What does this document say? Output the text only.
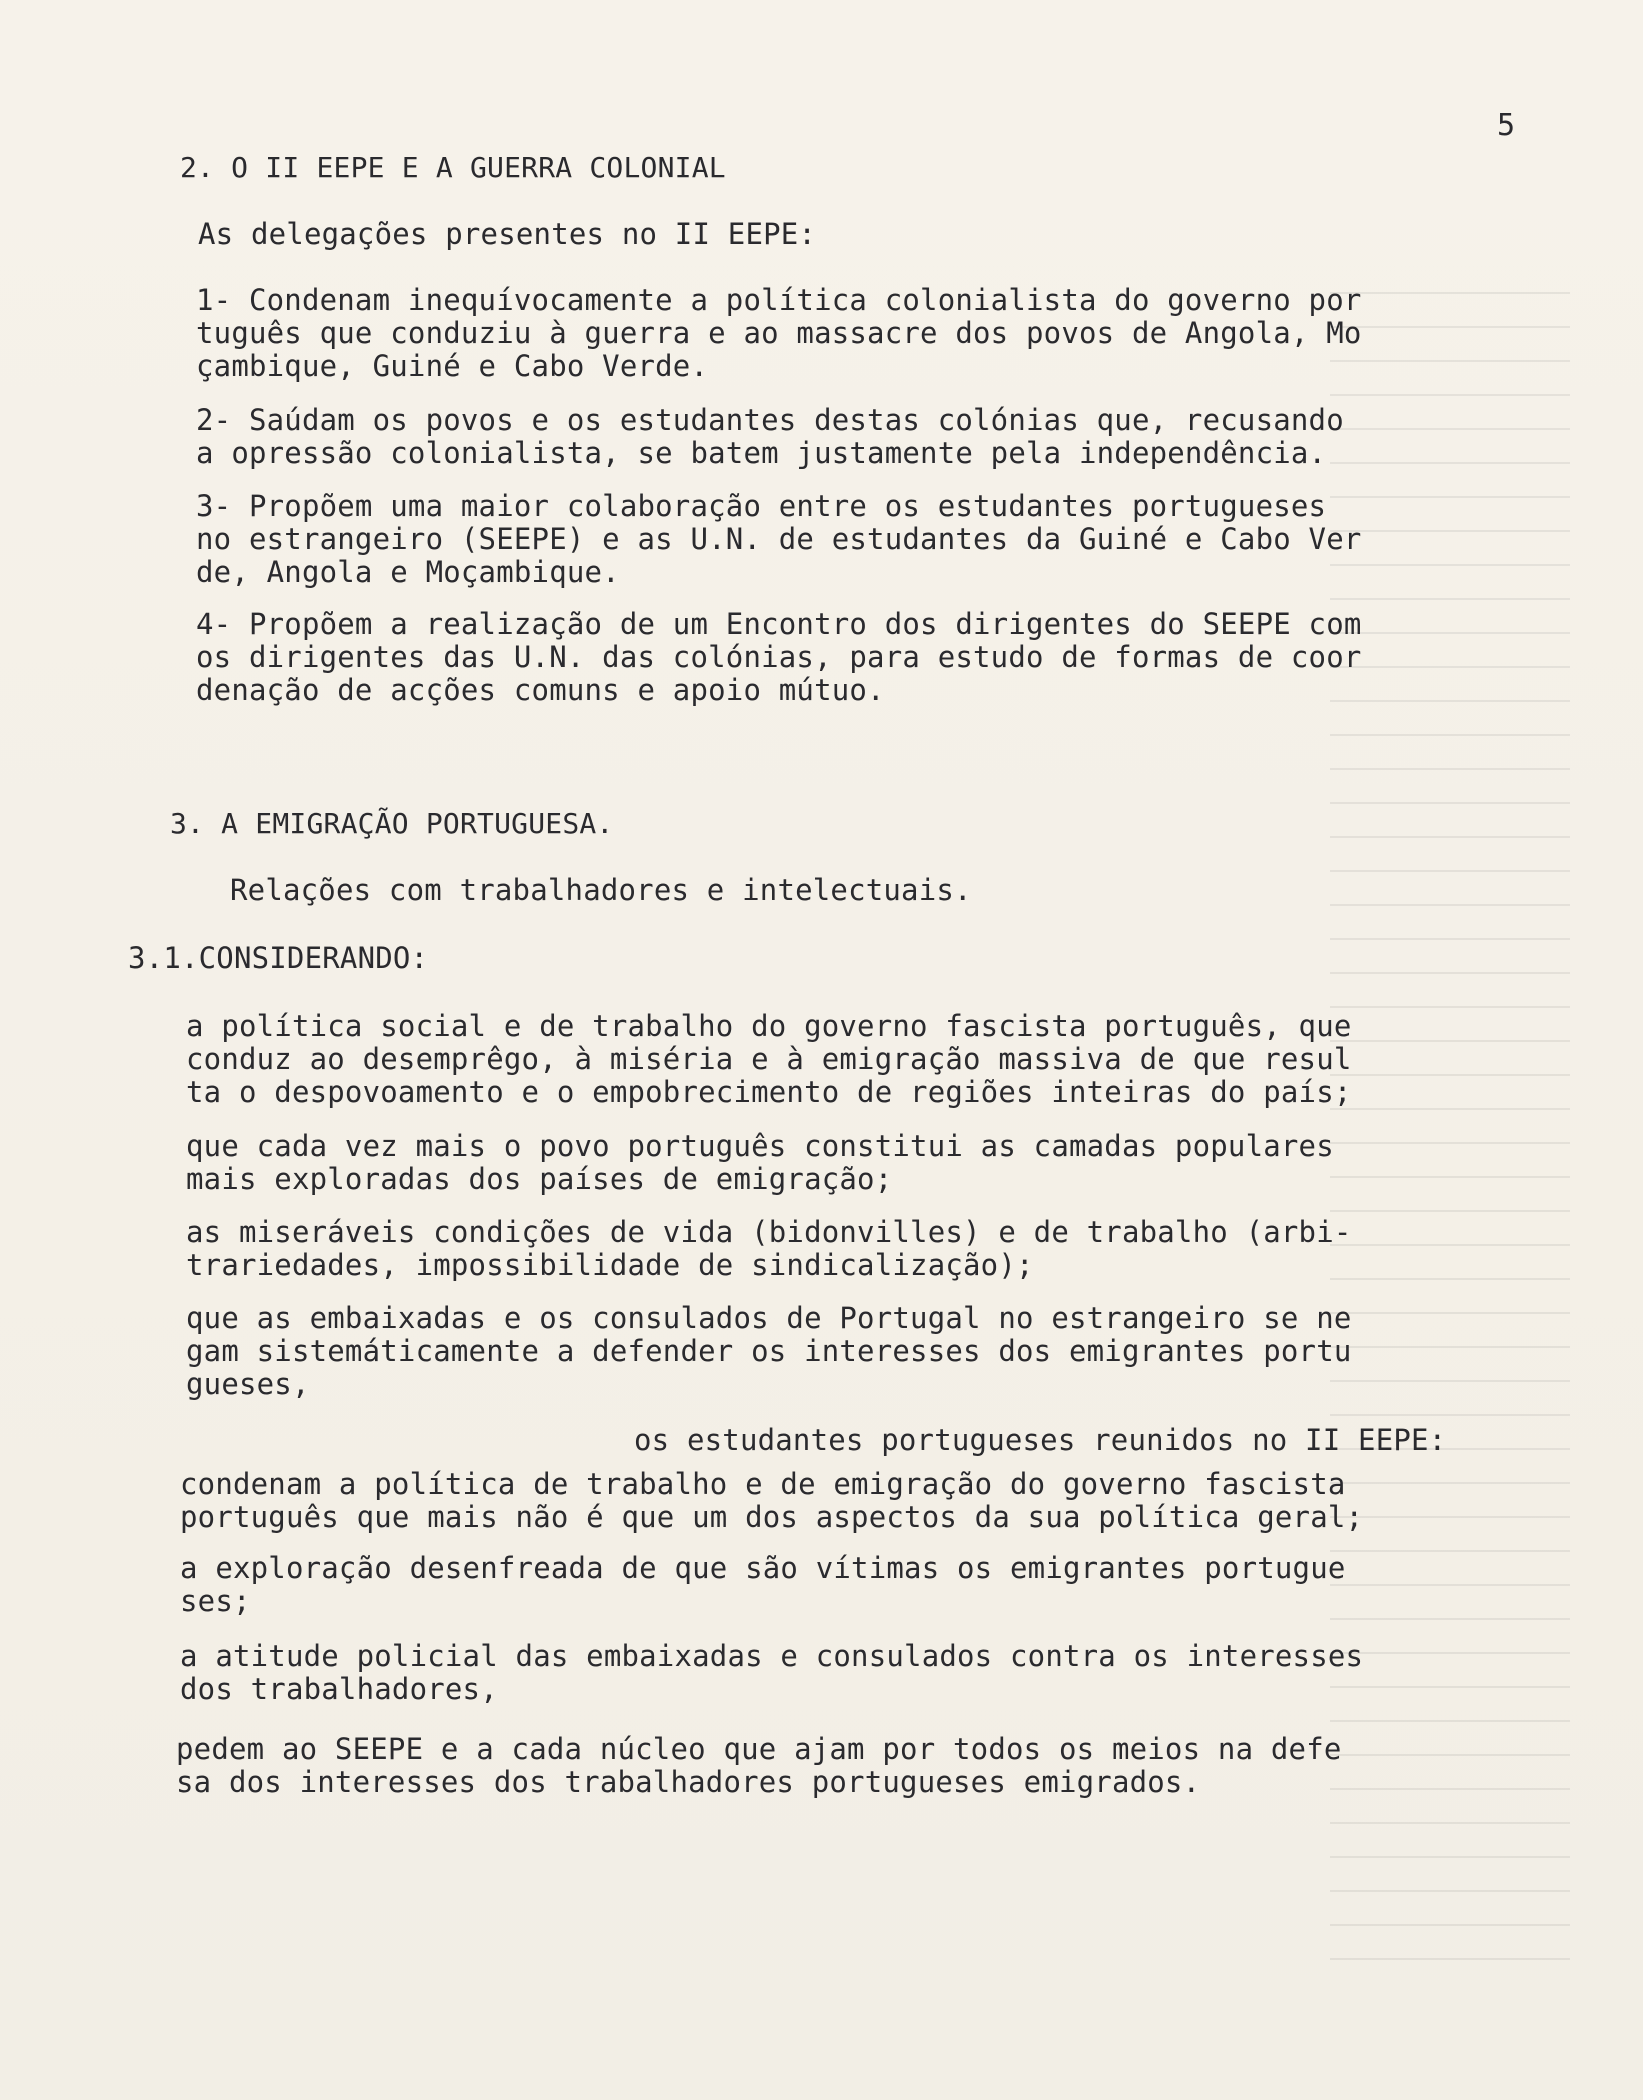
5
2. O II EEPE E A GUERRA COLONIAL
As delegações presentes no II EEPE:
1- Condenam inequívocamente a política colonialista do governo por
tuguês que conduziu à guerra e ao massacre dos povos de Angola, Mo
çambique, Guiné e Cabo Verde.
2- Saúdam os povos e os estudantes destas colónias que, recusando
a opressão colonialista, se batem justamente pela independência.
3- Propõem uma maior colaboração entre os estudantes portugueses
no estrangeiro (SEEPE) e as U.N. de estudantes da Guiné e Cabo Ver
de, Angola e Moçambique.
4- Propõem a realização de um Encontro dos dirigentes do SEEPE com
os dirigentes das U.N. das colónias, para estudo de formas de coor
denação de acções comuns e apoio mútuo.
3. A EMIGRAÇÃO PORTUGUESA.
Relações com trabalhadores e intelectuais.
3.1.CONSIDERANDO:
a política social e de trabalho do governo fascista português, que
conduz ao desemprêgo, à miséria e à emigração massiva de que resul
ta o despovoamento e o empobrecimento de regiões inteiras do país;
que cada vez mais o povo português constitui as camadas populares
mais exploradas dos países de emigração;
as miseráveis condições de vida (bidonvilles) e de trabalho (arbi-
trariedades, impossibilidade de sindicalização);
que as embaixadas e os consulados de Portugal no estrangeiro se ne
gam sistemáticamente a defender os interesses dos emigrantes portu
gueses,
os estudantes portugueses reunidos no II EEPE:
condenam a política de trabalho e de emigração do governo fascista
português que mais não é que um dos aspectos da sua política geral;
a exploração desenfreada de que são vítimas os emigrantes portugue
ses;
a atitude policial das embaixadas e consulados contra os interesses
dos trabalhadores,
pedem ao SEEPE e a cada núcleo que ajam por todos os meios na defe
sa dos interesses dos trabalhadores portugueses emigrados.
